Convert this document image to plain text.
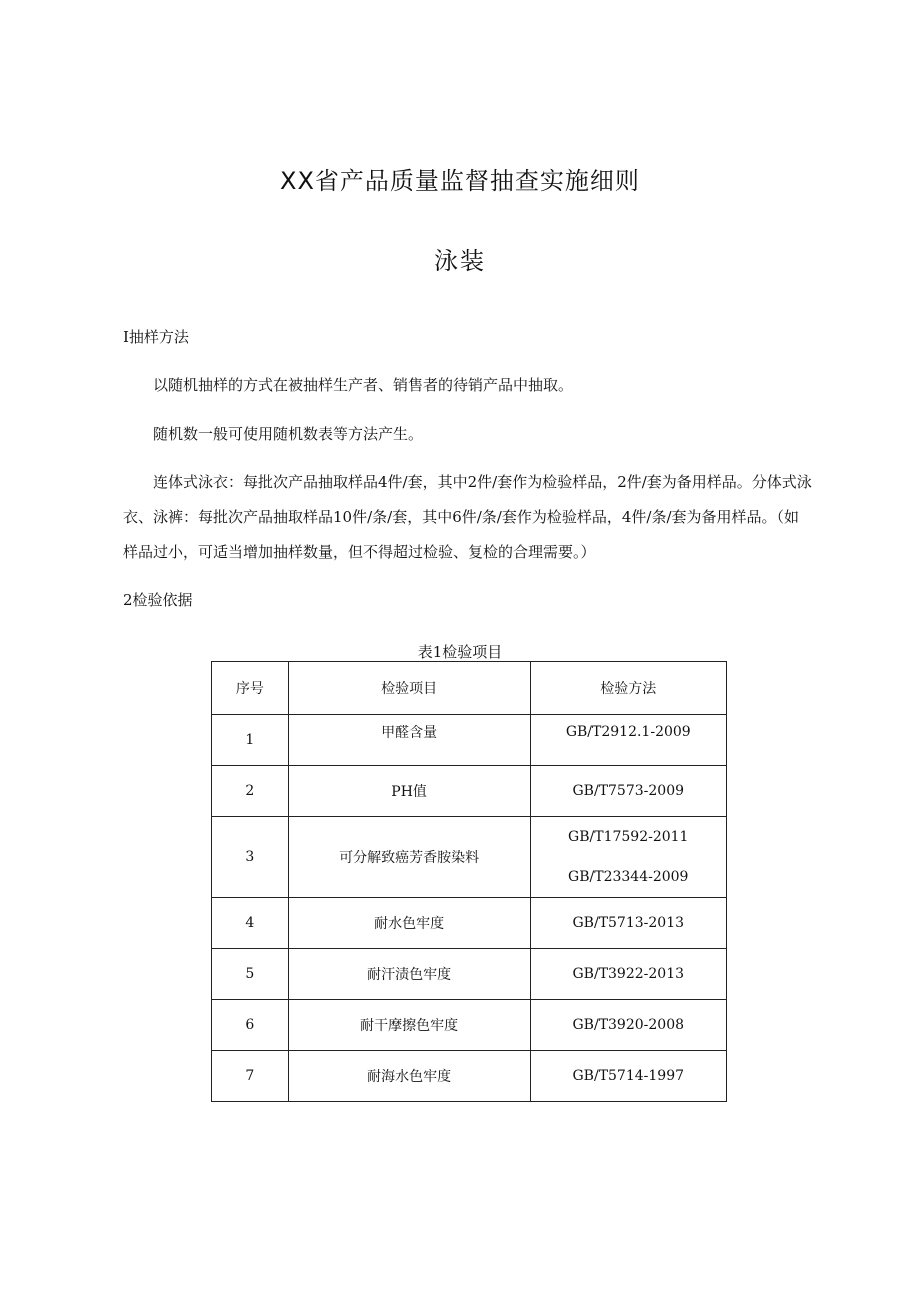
XX省产品质量监督抽查实施细则
泳装
I抽样方法
以随机抽样的方式在被抽样生产者、销售者的待销产品中抽取。
随机数一般可使用随机数表等方法产生。
连体式泳衣：每批次产品抽取样品4件/套，其中2件/套作为检验样品，2件/套为备用样品。分体式泳衣、泳裤：每批次产品抽取样品10件/条/套，其中6件/条/套作为检验样品，4件/条/套为备用样品。（如样品过小，可适当增加抽样数量，但不得超过检验、复检的合理需要。）
2检验依据
表1检验项目
序号	检验项目	检验方法
1	甲醛含量	GB/T2912.1-2009
2	PH值	GB/T7573-2009
3	可分解致癌芳香胺染料	GB/T17592-2011
GB/T23344-2009

4	耐水色牢度	GB/T5713-2013
5	耐汗渍色牢度	GB/T3922-2013
6	耐干摩擦色牢度	GB/T3920-2008
7	耐海水色牢度	GB/T5714-1997
